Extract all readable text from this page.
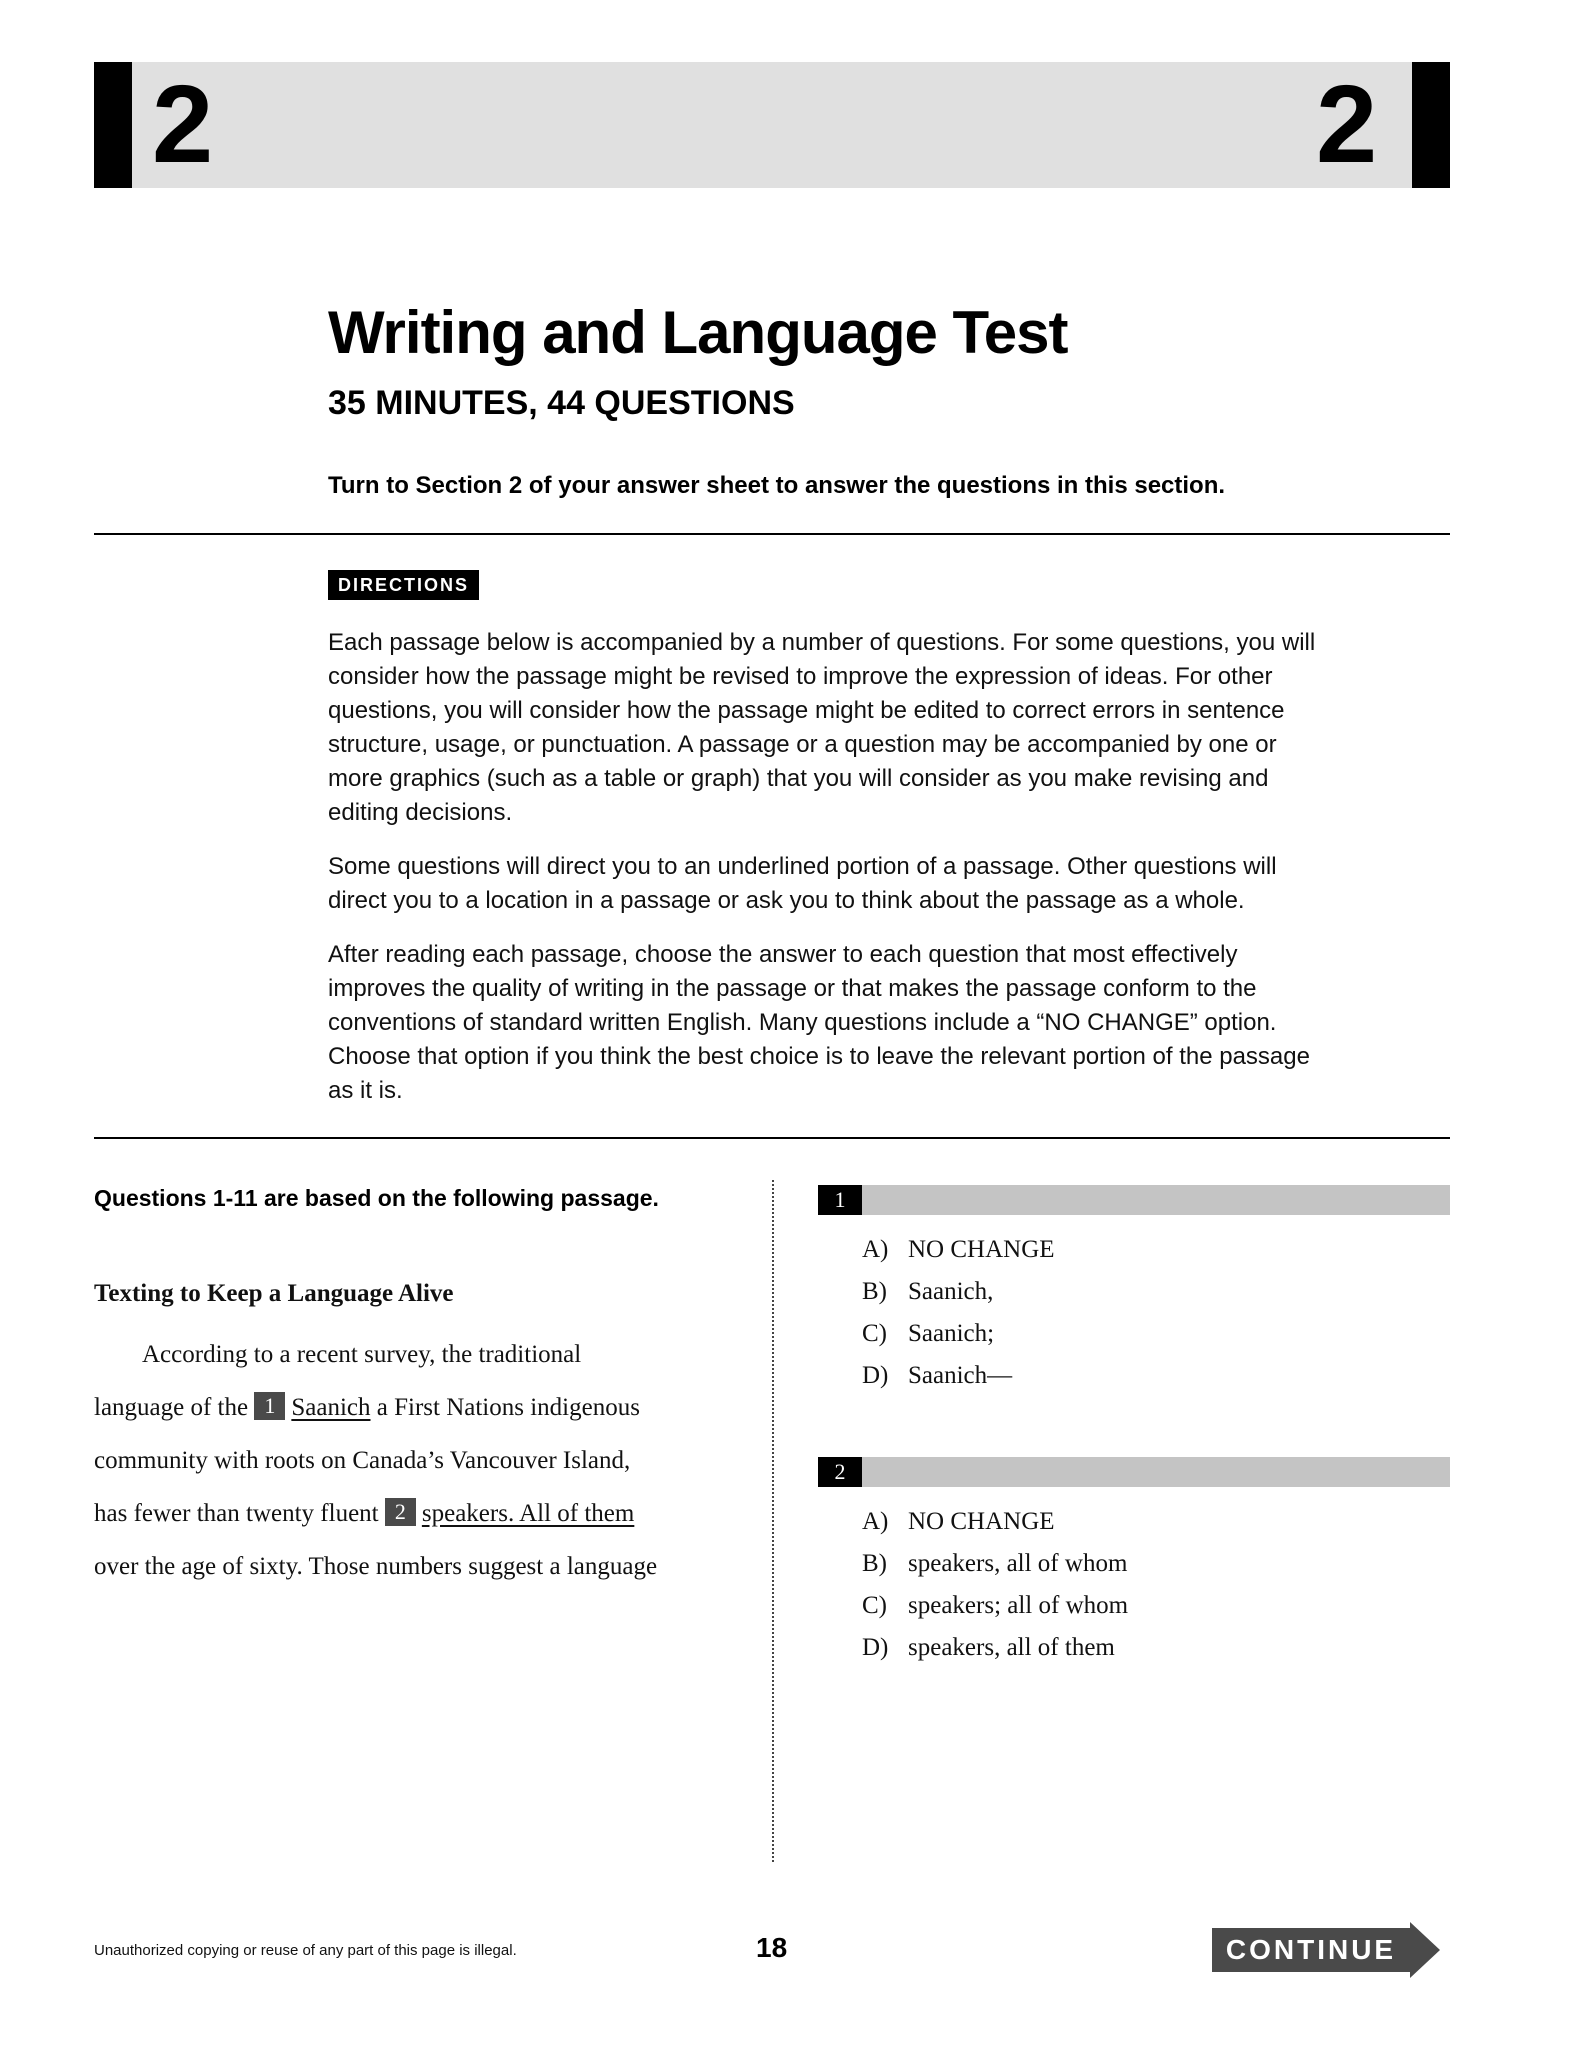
2	2
Writing and Language Test
35 MINUTES, 44 QUESTIONS
Turn to Section 2 of your answer sheet to answer the questions in this section.
DIRECTIONS

Each passage below is accompanied by a number of questions. For some questions, you will consider how the passage might be revised to improve the expression of ideas. For other questions, you will consider how the passage might be edited to correct errors in sentence structure, usage, or punctuation. A passage or a question may be accompanied by one or more graphics (such as a table or graph) that you will consider as you make revising and editing decisions.

Some questions will direct you to an underlined portion of a passage. Other questions will direct you to a location in a passage or ask you to think about the passage as a whole.

After reading each passage, choose the answer to each question that most effectively improves the quality of writing in the passage or that makes the passage conform to the conventions of standard written English. Many questions include a “NO CHANGE” option. Choose that option if you think the best choice is to leave the relevant portion of the passage as it is.

Questions 1-11 are based on the following passage.
Texting to Keep a Language Alive
According to a recent survey, the traditional
language of the 1 Saanich a First Nations indigenous
community with roots on Canada’s Vancouver Island,
has fewer than twenty fluent 2 speakers. All of them
over the age of sixty. Those numbers suggest a language
1
A) NO CHANGE
B) Saanich,
C) Saanich;
D) Saanich—
2
A) NO CHANGE
B) speakers, all of whom
C) speakers; all of whom
D) speakers, all of them
Unauthorized copying or reuse of any part of this page is illegal.	18	CONTINUE
